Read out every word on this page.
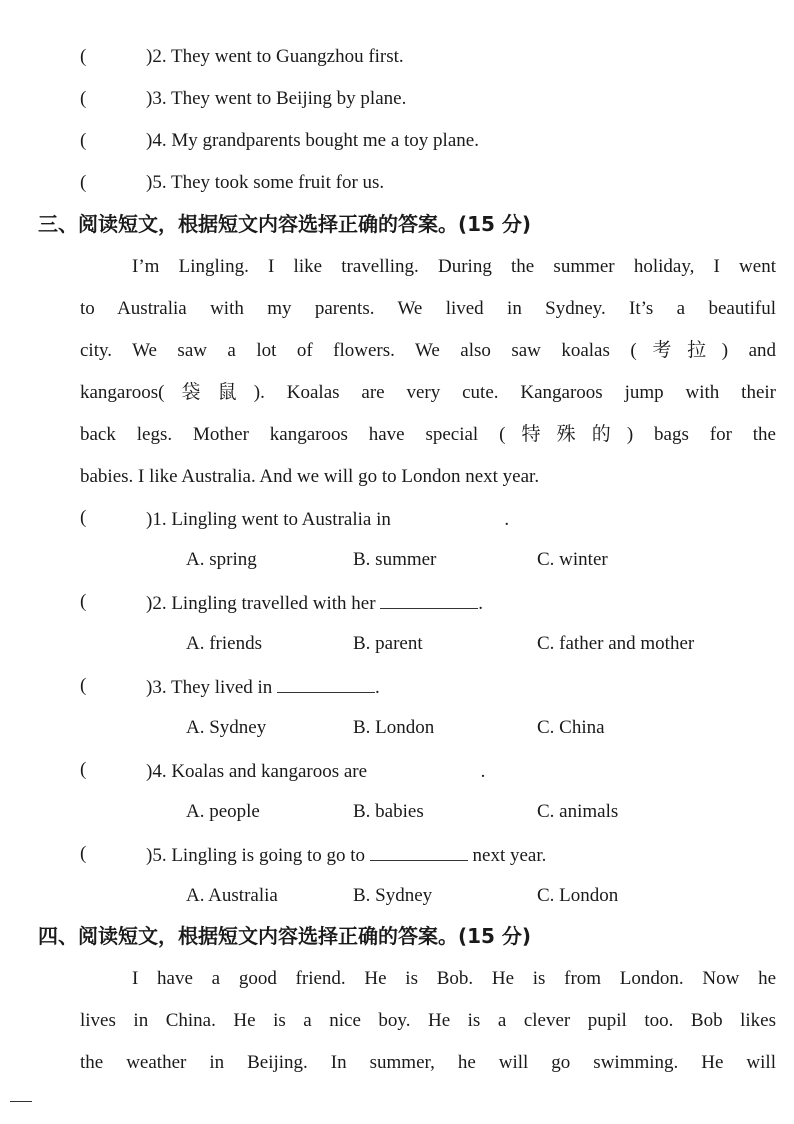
(	)2. They went to Guangzhou first.
(	)3. They went to Beijing by plane.
(	)4. My grandparents bought me a toy plane.
(	)5. They took some fruit for us.
三、阅读短文，根据短文内容选择正确的答案。(15 分)
I’m Lingling. I like travelling. During the summer holiday, I went
to Australia with my parents. We lived in Sydney. It’s a beautiful
city. We saw a lot of flowers. We also saw koalas (考拉) and
kangaroos(袋鼠). Koalas are very cute. Kangaroos jump with their
back legs. Mother kangaroos have special (特殊的) bags for the
babies. I like Australia. And we will go to London next year.
(	)1. Lingling went to Australia in	.
A. spring	B. summer	C. winter
(	)2. Lingling travelled with her	.
A. friends	B. parent	C. father and mother
(	)3. They lived in	.
A. Sydney	B. London	C. China
(	)4. Koalas and kangaroos are	.
A. people	B. babies	C. animals
(	)5. Lingling is going to go to	next year.
A. Australia	B. Sydney	C. London
四、阅读短文，根据短文内容选择正确的答案。(15 分)
I have a good friend. He is Bob. He is from London. Now he
lives in China. He is a nice boy. He is a clever pupil too. Bob likes
the weather in Beijing. In summer, he will go swimming. He will
